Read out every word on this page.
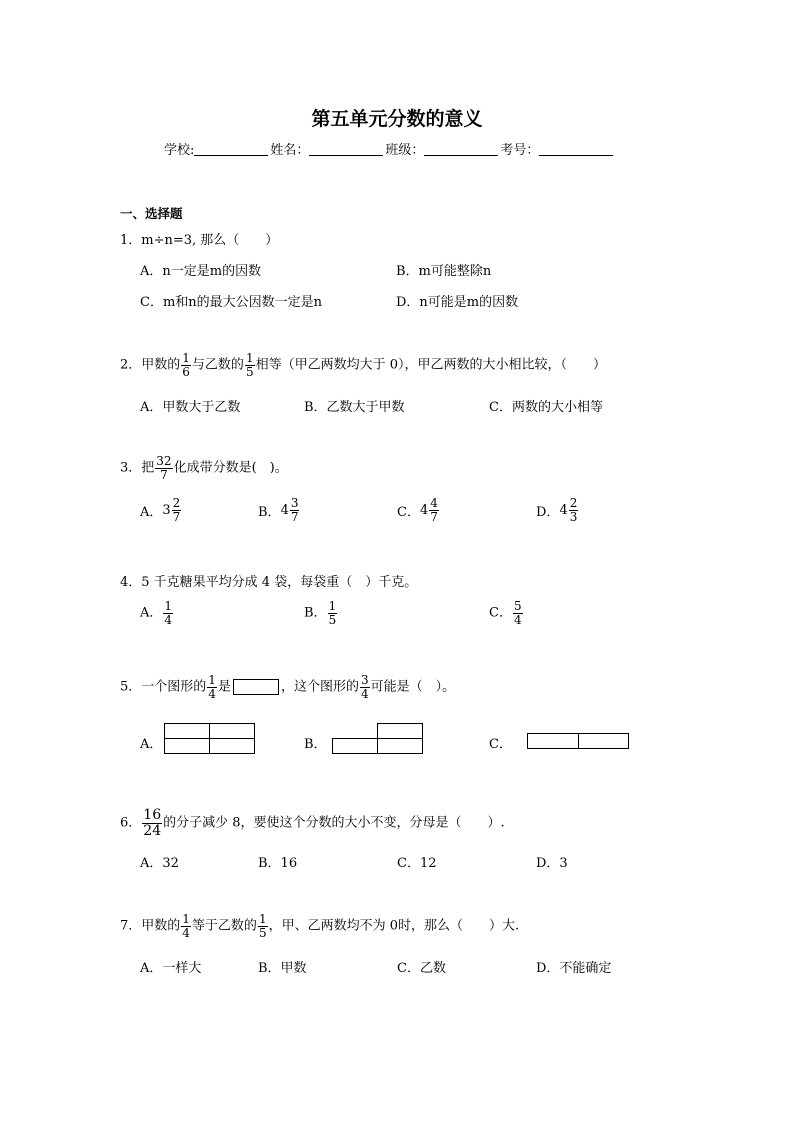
第五单元分数的意义
学校:	姓名：	班级：	考号：
一、选择题
1．m÷n=3, 那么（　　）
A．n一定是m的因数	B．m可能整除n
C．m和n的最大公因数一定是n	D．n可能是m的因数
2．甲数的 $\frac{1}{6}$ 与乙数的 $\frac{1}{5}$ 相等（甲乙两数均大于 0），甲乙两数的大小相比较，（　　）
A．甲数大于乙数	B．乙数大于甲数	C．两数的大小相等
3．把 $\frac{32}{7}$ 化成带分数是(　)。
A． $3 \frac{2}{7}$	B． $4 \frac{3}{7}$	C． $4 \frac{4}{7}$	D． $4 \frac{2}{3}$
4．5 千克糖果平均分成 4 袋，每袋重（　）千克。
A． $\frac{1}{4}$	B． $\frac{1}{5}$	C． $\frac{5}{4}$
5．一个图形的 $\frac{1}{4}$ 是	，这个图形的 $\frac{3}{4}$ 可能是（　）。
A．	B．	C．
6． $\frac{16}{24}$ 的分子减少 8，要使这个分数的大小不变，分母是（　　）.
A．32	B．16	C．12	D．3
7．甲数的 $\frac{1}{4}$ 等于乙数的 $\frac{1}{5}$ ，甲、乙两数均不为 0时，那么（　　）大.
A．一样大	B．甲数	C．乙数	D．不能确定
